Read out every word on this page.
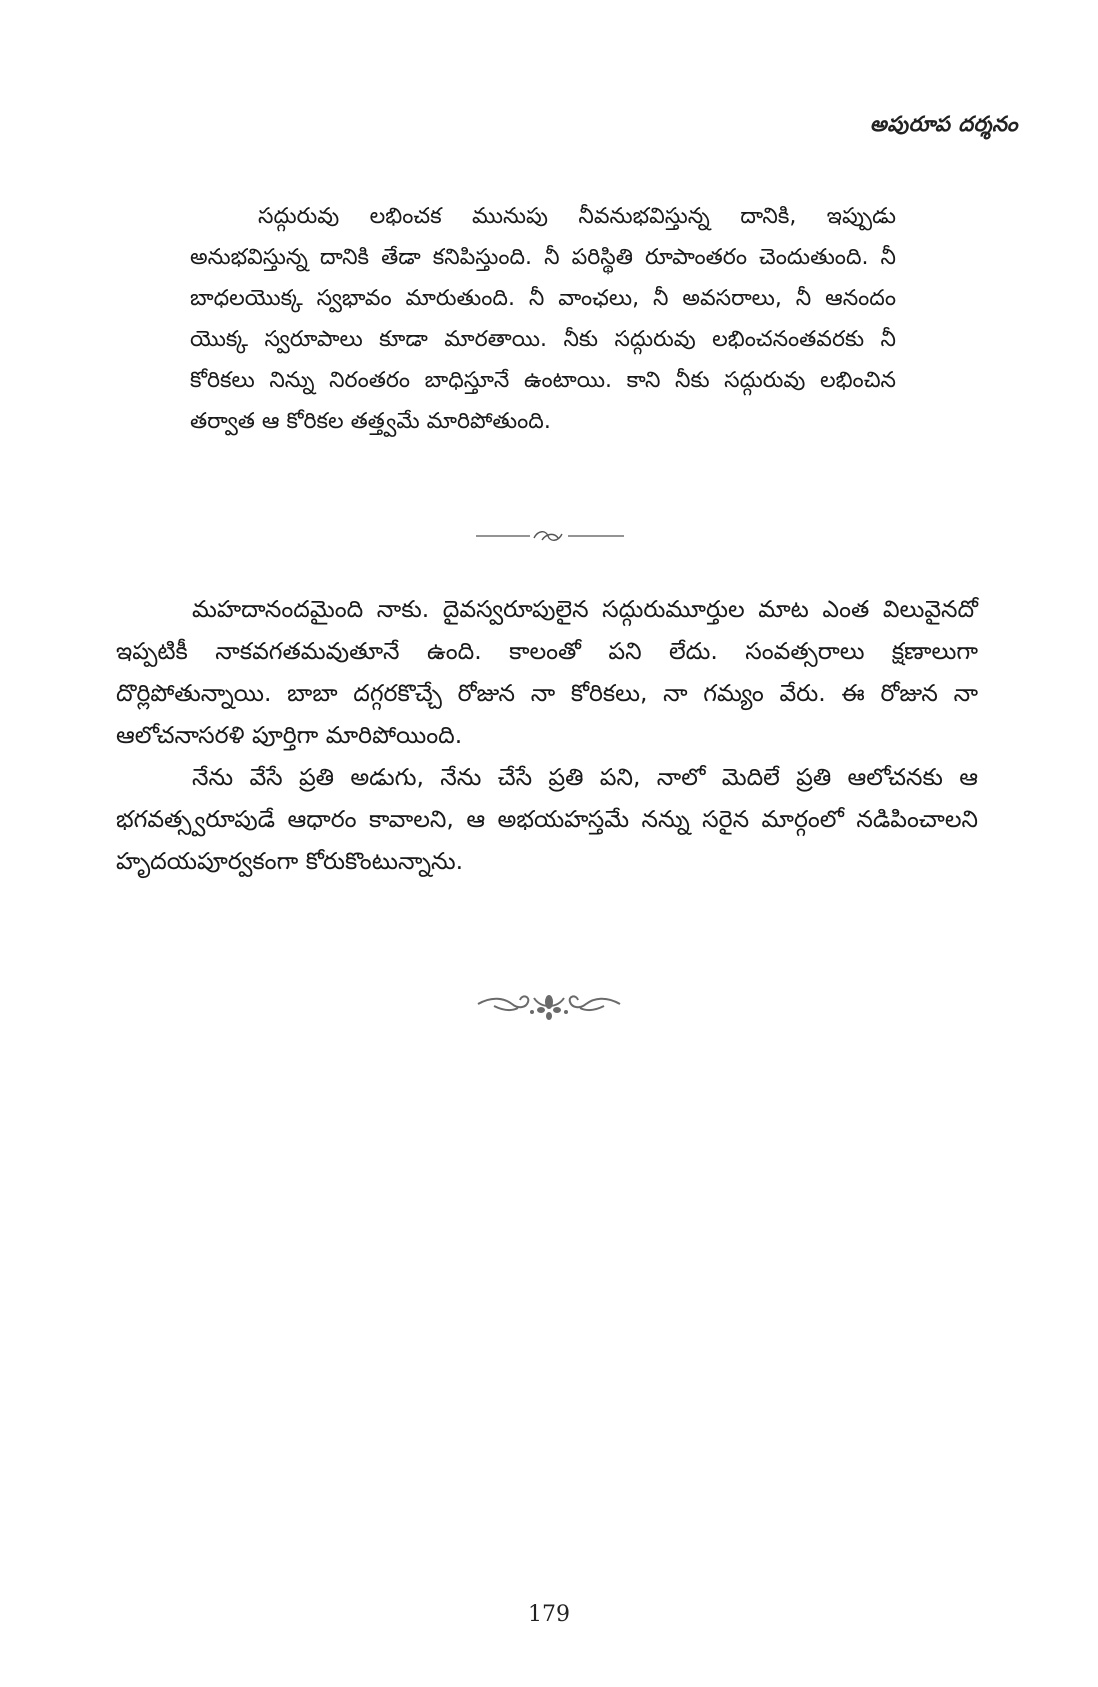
అపురూప దర్శనం

సద్గురువు లభించక మునుపు నీవనుభవిస్తున్న దానికి, ఇప్పుడు అనుభవిస్తున్న దానికి తేడా కనిపిస్తుంది. నీ పరిస్థితి రూపాంతరం చెందుతుంది. నీ బాధలయొక్క స్వభావం మారుతుంది. నీ వాంఛలు, నీ అవసరాలు, నీ ఆనందం యొక్క స్వరూపాలు కూడా మారతాయి. నీకు సద్గురువు లభించనంతవరకు నీ కోరికలు నిన్ను నిరంతరం బాధిస్తూనే ఉంటాయి. కాని నీకు సద్గురువు లభించిన తర్వాత ఆ కోరికల తత్త్వమే మారిపోతుంది.

మహదానందమైంది నాకు. దైవస్వరూపులైన సద్గురుమూర్తుల మాట ఎంత విలువైనదో ఇప్పటికీ నాకవగతమవుతూనే ఉంది. కాలంతో పని లేదు. సంవత్సరాలు క్షణాలుగా దొర్లిపోతున్నాయి. బాబా దగ్గరకొచ్చే రోజున నా కోరికలు, నా గమ్యం వేరు. ఈ రోజున నా ఆలోచనాసరళి పూర్తిగా మారిపోయింది.

నేను వేసే ప్రతి అడుగు, నేను చేసే ప్రతి పని, నాలో మెదిలే ప్రతి ఆలోచనకు ఆ భగవత్స్వరూపుడే ఆధారం కావాలని, ఆ అభయహస్తమే నన్ను సరైన మార్గంలో నడిపించాలని హృదయపూర్వకంగా కోరుకొంటున్నాను.

179
